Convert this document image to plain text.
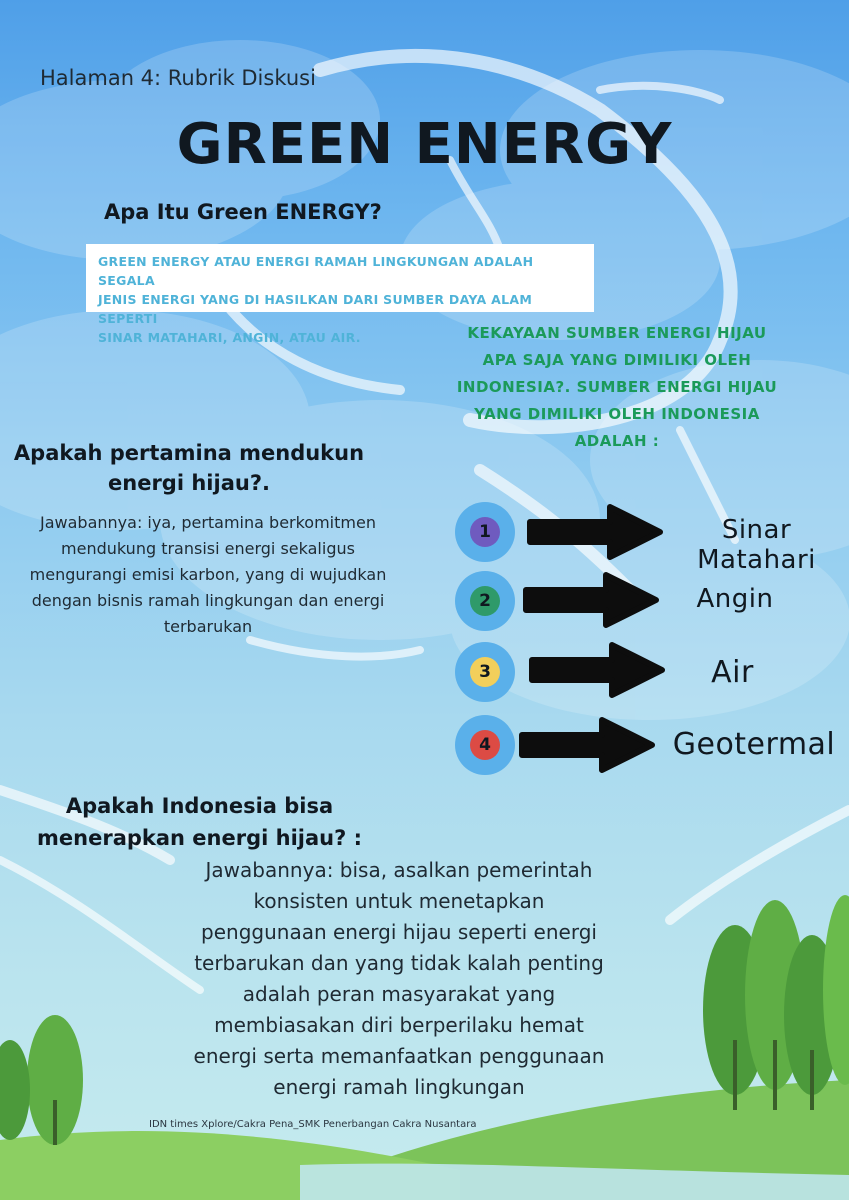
Halaman 4: Rubrik Diskusi
GREEN ENERGY
Apa Itu Green ENERGY?
GREEN ENERGY ATAU ENERGI RAMAH LINGKUNGAN ADALAH SEGALA
JENIS ENERGI YANG DI HASILKAN DARI SUMBER DAYA ALAM SEPERTI
SINAR MATAHARI, ANGIN, ATAU AIR.	KEKAYAAN SUMBER ENERGI HIJAU
APA SAJA YANG DIMILIKI OLEH
INDONESIA?. SUMBER ENERGI HIJAU
YANG DIMILIKI OLEH INDONESIA
ADALAH :
Apakah pertamina mendukun
energi hijau?.
Jawabannya: iya, pertamina berkomitmen
mendukung transisi energi sekaligus
mengurangi emisi karbon, yang di wujudkan
dengan bisnis ramah lingkungan dan energi
terbarukan
1
2
3
4
Sinar Matahari
Angin
Air
Geotermal
Apakah Indonesia bisa
menerapkan energi hijau? :
Jawabannya: bisa, asalkan pemerintah
konsisten untuk menetapkan
penggunaan energi hijau seperti energi
terbarukan dan yang tidak kalah penting
adalah peran masyarakat yang
membiasakan diri berperilaku hemat
energi serta memanfaatkan penggunaan
energi ramah lingkungan
IDN times Xplore/Cakra Pena_SMK Penerbangan Cakra Nusantara
